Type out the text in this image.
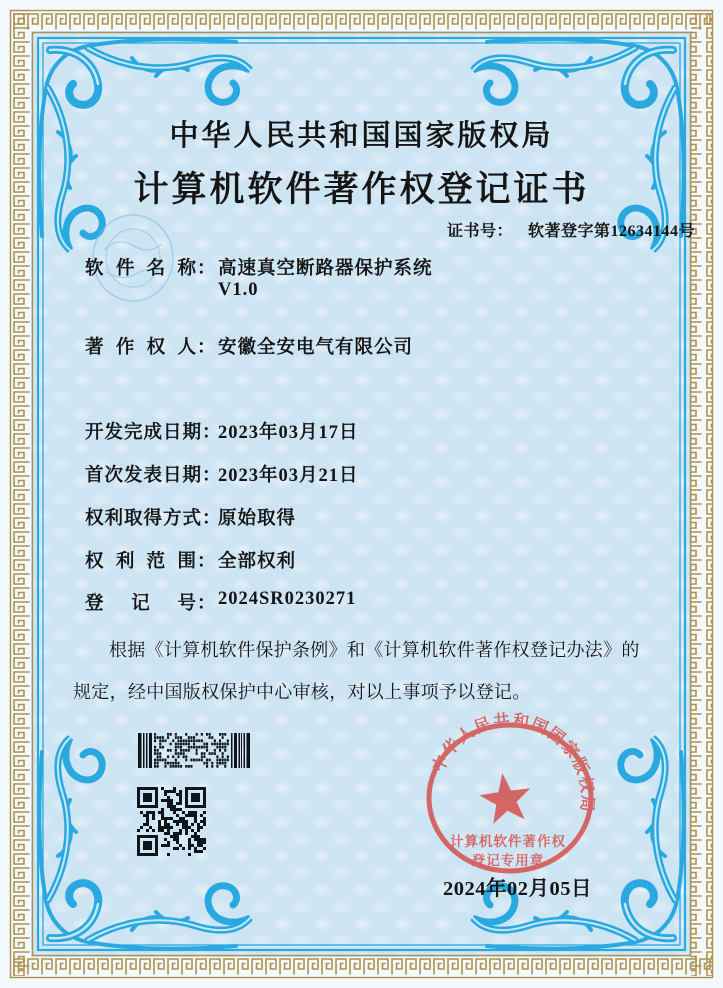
中华人民共和国国家版权局
计算机软件著作权登记证书
证书号： 软著登字第12634144号
软 件 名 称 ： 高速真空断路器保护系统
V1.0
著 作 权 人 ： 安徽全安电气有限公司
开发完成日期：
2023年03月17日
首次发表日期：
2023年03月21日
权利取得方式：
原始取得
权 利 范 围 ： 全部权利
登 记 号 ： 2024SR0230271

根据《计算机软件保护条例》和《计算机软件著作权登记办法》的规定，经中国版权保护中心审核，对以上事项予以登记。

2024年02月05日
中华人民共和国国家版权局
计算机软件著作权
登记专用章
